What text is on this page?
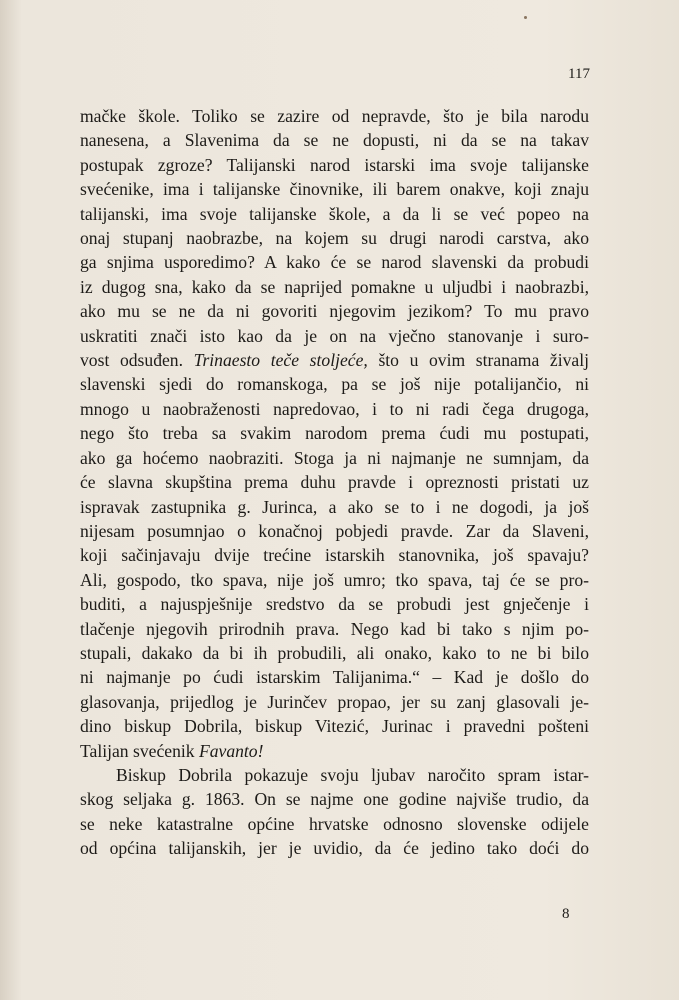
117
mačke škole. Toliko se zazire od nepravde, što je bila narodu
nanesena, a Slavenima da se ne dopusti, ni da se na takav
postupak zgroze? Talijanski narod istarski ima svoje talijanske
svećenike, ima i talijanske činovnike, ili barem onakve, koji znaju
talijanski, ima svoje talijanske škole, a da li se već popeo na
onaj stupanj naobrazbe, na kojem su drugi narodi carstva, ako
ga snjima usporedimo? A kako će se narod slavenski da probudi
iz dugog sna, kako da se naprijed pomakne u uljudbi i naobrazbi,
ako mu se ne da ni govoriti njegovim jezikom? To mu pravo
uskratiti znači isto kao da je on na vječno stanovanje i suro-
vost odsuđen. Trinaesto teče stoljeće, što u ovim stranama živalj
slavenski sjedi do romanskoga, pa se još nije potalijančio, ni
mnogo u naobraženosti napredovao, i to ni radi čega drugoga,
nego što treba sa svakim narodom prema ćudi mu postupati,
ako ga hoćemo naobraziti. Stoga ja ni najmanje ne sumnjam, da
će slavna skupština prema duhu pravde i opreznosti pristati uz
ispravak zastupnika g. Jurinca, a ako se to i ne dogodi, ja još
nijesam posumnjao o konačnoj pobjedi pravde. Zar da Slaveni,
koji sačinjavaju dvije trećine istarskih stanovnika, još spavaju?
Ali, gospodo, tko spava, nije još umro; tko spava, taj će se pro-
buditi, a najuspješnije sredstvo da se probudi jest gnječenje i
tlačenje njegovih prirodnih prava. Nego kad bi tako s njim po-
stupali, dakako da bi ih probudili, ali onako, kako to ne bi bilo
ni najmanje po ćudi istarskim Talijanima.“ – Kad je došlo do
glasovanja, prijedlog je Jurinčev propao, jer su zanj glasovali je-
dino biskup Dobrila, biskup Vitezić, Jurinac i pravedni pošteni
Talijan svećenik Favanto!
Biskup Dobrila pokazuje svoju ljubav naročito spram istar-
skog seljaka g. 1863. On se najme one godine najviše trudio, da
se neke katastralne općine hrvatske odnosno slovenske odijele
od općina talijanskih, jer je uvidio, da će jedino tako doći do
8
